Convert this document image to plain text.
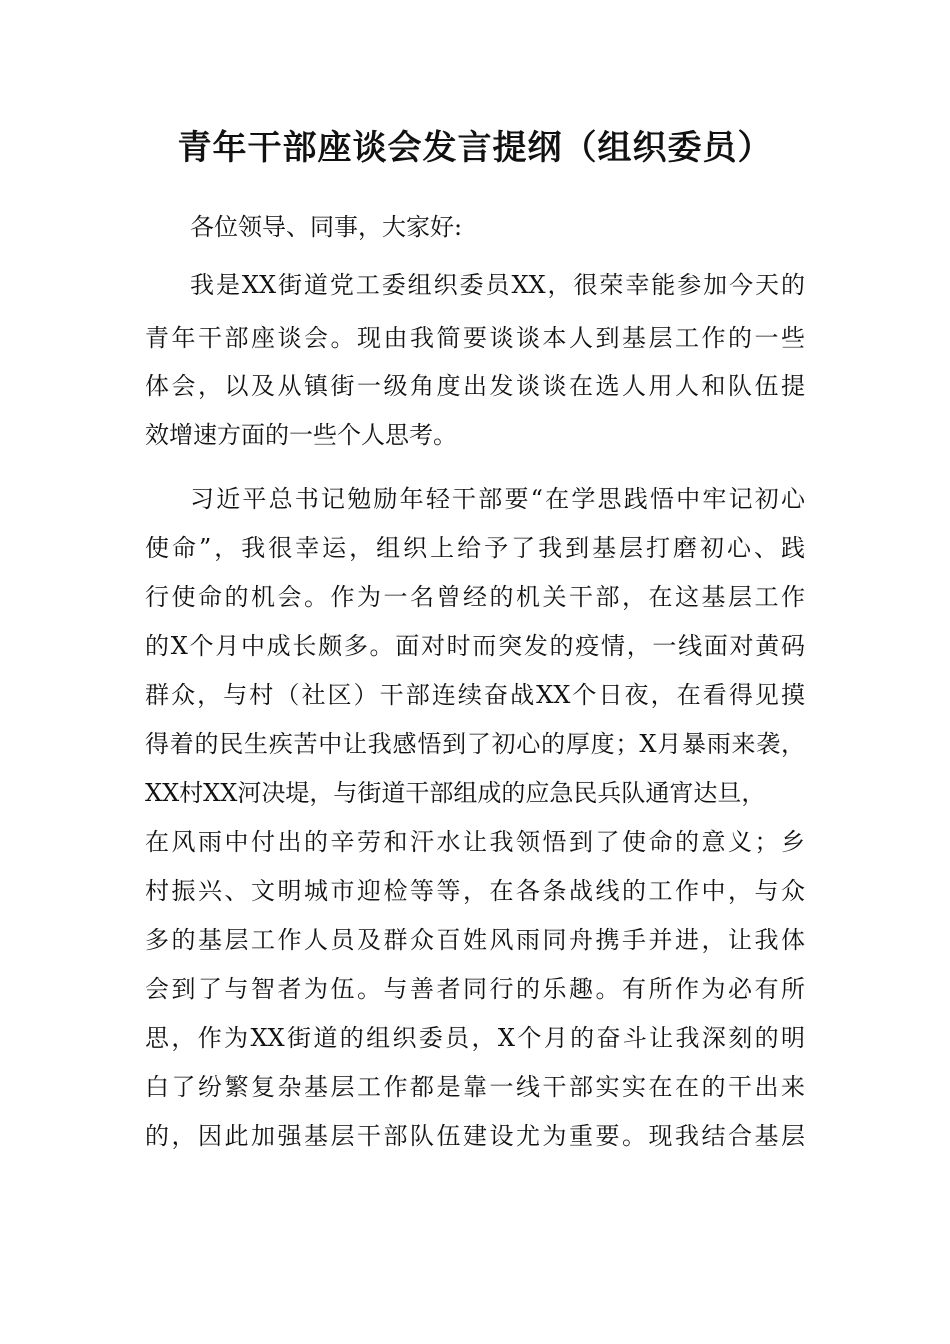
青年干部座谈会发言提纲（组织委员）
各位领导、同事，大家好:
我是XX街道党工委组织委员XX，很荣幸能参加今天的
青年干部座谈会。现由我简要谈谈本人到基层工作的一些
体会，以及从镇街一级角度出发谈谈在选人用人和队伍提
效增速方面的一些个人思考。
习近平总书记勉励年轻干部要“在学思践悟中牢记初心
使命”，我很幸运，组织上给予了我到基层打磨初心、践
行使命的机会。作为一名曾经的机关干部，在这基层工作
的X个月中成长颇多。面对时而突发的疫情，一线面对黄码
群众，与村（社区）干部连续奋战XX个日夜，在看得见摸
得着的民生疾苦中让我感悟到了初心的厚度；X月暴雨来袭，
XX村XX河决堤，与街道干部组成的应急民兵队通宵达旦，
在风雨中付出的辛劳和汗水让我领悟到了使命的意义；乡
村振兴、文明城市迎检等等，在各条战线的工作中，与众
多的基层工作人员及群众百姓风雨同舟携手并进，让我体
会到了与智者为伍。与善者同行的乐趣。有所作为必有所
思，作为XX街道的组织委员，X个月的奋斗让我深刻的明
白了纷繁复杂基层工作都是靠一线干部实实在在的干出来
的，因此加强基层干部队伍建设尤为重要。现我结合基层
